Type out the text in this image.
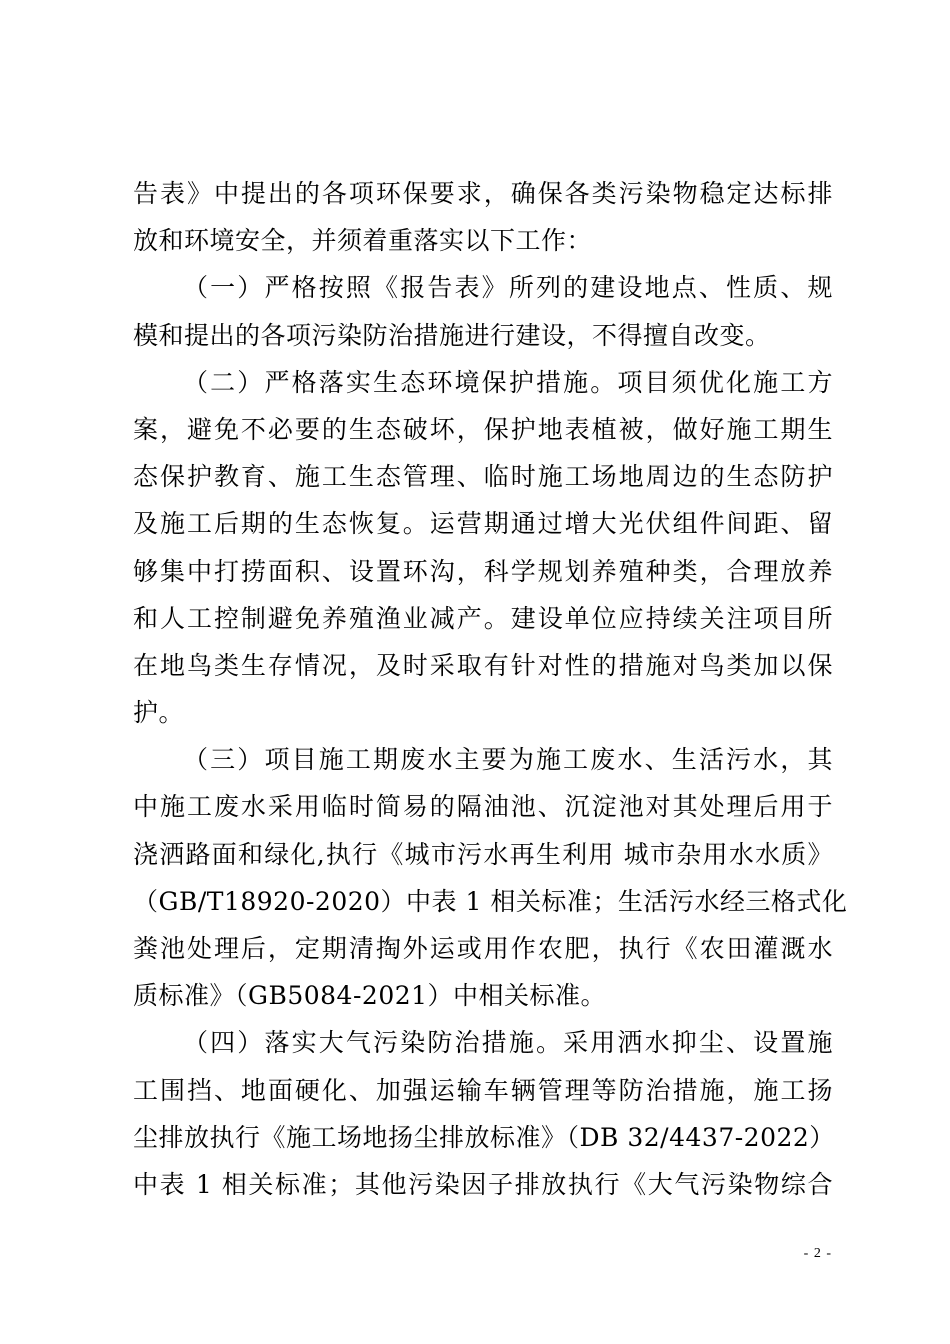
告表》中提出的各项环保要求，确保各类污染物稳定达标排
放和环境安全，并须着重落实以下工作：
（一）严格按照《报告表》所列的建设地点、性质、规
模和提出的各项污染防治措施进行建设，不得擅自改变。
（二）严格落实生态环境保护措施。项目须优化施工方
案，避免不必要的生态破坏，保护地表植被，做好施工期生
态保护教育、施工生态管理、临时施工场地周边的生态防护
及施工后期的生态恢复。运营期通过增大光伏组件间距、留
够集中打捞面积、设置环沟，科学规划养殖种类，合理放养
和人工控制避免养殖渔业减产。建设单位应持续关注项目所
在地鸟类生存情况，及时采取有针对性的措施对鸟类加以保
护。
（三）项目施工期废水主要为施工废水、生活污水，其
中施工废水采用临时简易的隔油池、沉淀池对其处理后用于
浇洒路面和绿化,执行《城市污水再生利用 城市杂用水水质》
（GB/T18920-2020）中表 1 相关标准；生活污水经三格式化
粪池处理后，定期清掏外运或用作农肥，执行《农田灌溉水
质标准》（GB5084-2021）中相关标准。
（四）落实大气污染防治措施。采用洒水抑尘、设置施
工围挡、地面硬化、加强运输车辆管理等防治措施，施工扬
尘排放执行《施工场地扬尘排放标准》（DB 32/4437-2022）
中表 1 相关标准；其他污染因子排放执行《大气污染物综合
- 2 -
